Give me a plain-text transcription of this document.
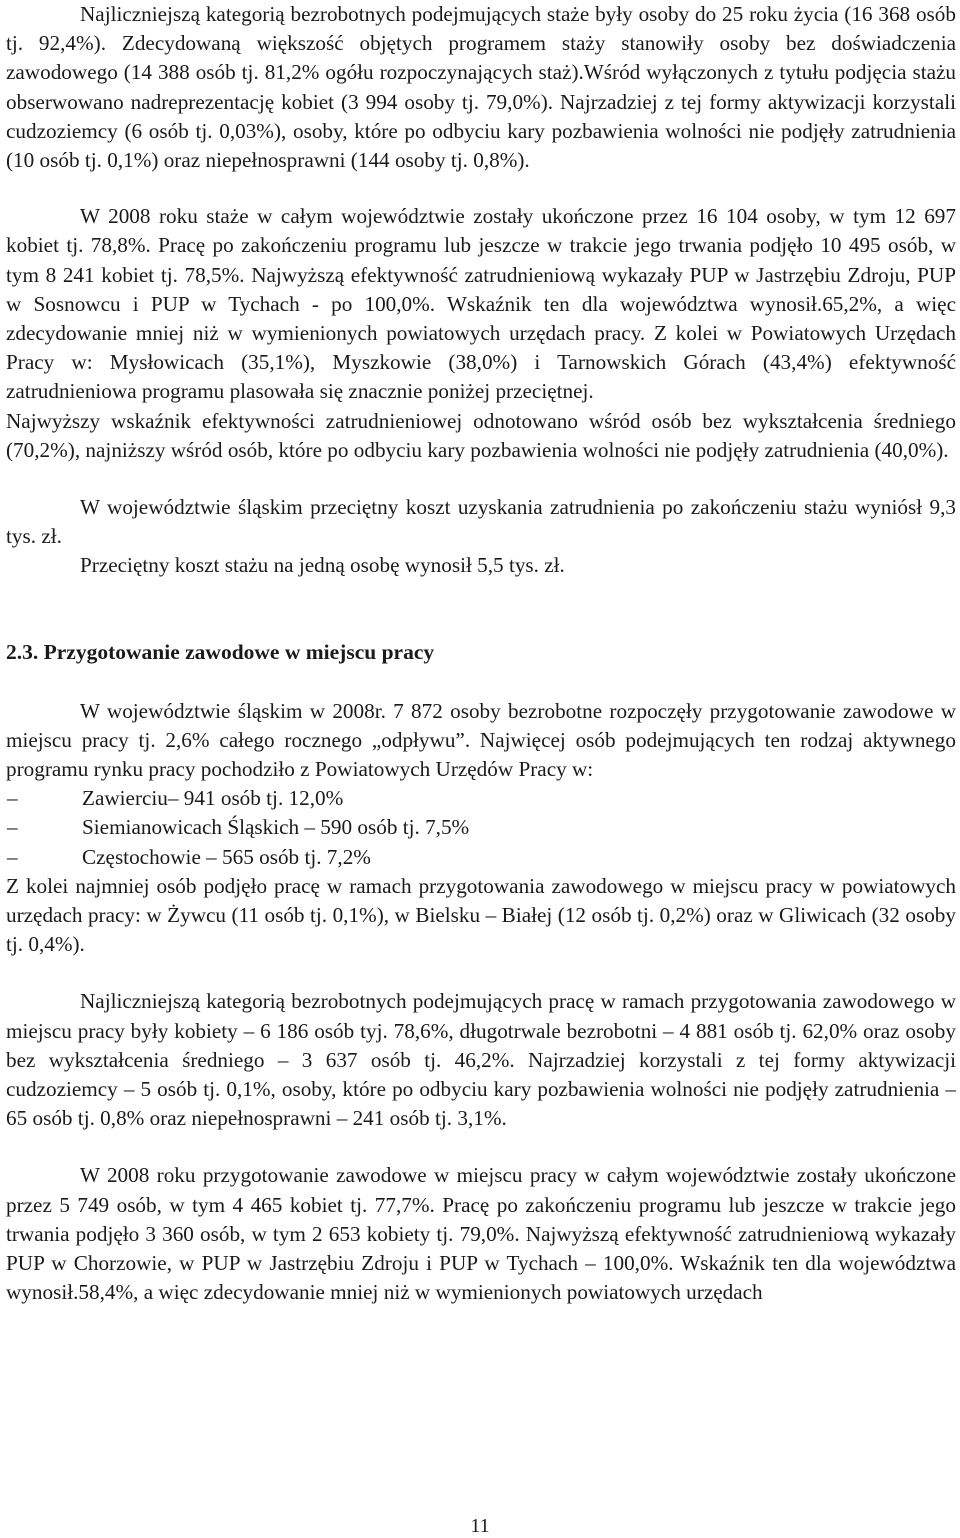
Najliczniejszą kategorią bezrobotnych podejmujących staże były osoby do 25 roku życia (16 368 osób tj. 92,4%). Zdecydowaną większość objętych programem staży stanowiły osoby bez doświadczenia zawodowego (14 388 osób tj. 81,2% ogółu rozpoczynających staż).Wśród wyłączonych z tytułu podjęcia stażu obserwowano nadreprezentację kobiet (3 994 osoby tj. 79,0%). Najrzadziej z tej formy aktywizacji korzystali cudzoziemcy (6 osób tj. 0,03%), osoby, które po odbyciu kary pozbawienia wolności nie podjęły zatrudnienia (10 osób tj. 0,1%) oraz niepełnosprawni (144 osoby tj. 0,8%).

W 2008 roku staże w całym województwie zostały ukończone przez 16 104 osoby, w tym 12 697 kobiet tj. 78,8%. Pracę po zakończeniu programu lub jeszcze w trakcie jego trwania podjęło 10 495 osób, w tym 8 241 kobiet tj. 78,5%. Najwyższą efektywność zatrudnieniową wykazały PUP w Jastrzębiu Zdroju, PUP w Sosnowcu i PUP w Tychach - po 100,0%. Wskaźnik ten dla województwa wynosił.65,2%, a więc zdecydowanie mniej niż w wymienionych powiatowych urzędach pracy. Z kolei w Powiatowych Urzędach Pracy w: Mysłowicach (35,1%), Myszkowie (38,0%) i Tarnowskich Górach (43,4%) efektywność zatrudnieniowa programu plasowała się znacznie poniżej przeciętnej.

Najwyższy wskaźnik efektywności zatrudnieniowej odnotowano wśród osób bez wykształcenia średniego (70,2%), najniższy wśród osób, które po odbyciu kary pozbawienia wolności nie podjęły zatrudnienia (40,0%).

W województwie śląskim przeciętny koszt uzyskania zatrudnienia po zakończeniu stażu wyniósł 9,3 tys. zł.

Przeciętny koszt stażu na jedną osobę wynosił 5,5 tys. zł.

2.3. Przygotowanie zawodowe w miejscu pracy

W województwie śląskim w 2008r. 7 872 osoby bezrobotne rozpoczęły przygotowanie zawodowe w miejscu pracy tj. 2,6% całego rocznego „odpływu”. Najwięcej osób podejmujących ten rodzaj aktywnego programu rynku pracy pochodziło z Powiatowych Urzędów Pracy w:

–	Zawierciu– 941 osób tj. 12,0%
–	Siemianowicach Śląskich – 590 osób tj. 7,5%
–	Częstochowie – 565 osób tj. 7,2%

Z kolei najmniej osób podjęło pracę w ramach przygotowania zawodowego w miejscu pracy w powiatowych urzędach pracy: w Żywcu (11 osób tj. 0,1%), w Bielsku – Białej (12 osób tj. 0,2%) oraz w Gliwicach (32 osoby tj. 0,4%).

Najliczniejszą kategorią bezrobotnych podejmujących pracę w ramach przygotowania zawodowego w miejscu pracy były kobiety – 6 186 osób tyj. 78,6%, długotrwale bezrobotni – 4 881 osób tj. 62,0% oraz osoby bez wykształcenia średniego – 3 637 osób tj. 46,2%. Najrzadziej korzystali z tej formy aktywizacji cudzoziemcy – 5 osób tj. 0,1%, osoby, które po odbyciu kary pozbawienia wolności nie podjęły zatrudnienia – 65 osób tj. 0,8% oraz niepełnosprawni – 241 osób tj. 3,1%.

W 2008 roku przygotowanie zawodowe w miejscu pracy w całym województwie zostały ukończone przez 5 749 osób, w tym 4 465 kobiet tj. 77,7%. Pracę po zakończeniu programu lub jeszcze w trakcie jego trwania podjęło 3 360 osób, w tym 2 653 kobiety tj. 79,0%. Najwyższą efektywność zatrudnieniową wykazały PUP w Chorzowie, w PUP w Jastrzębiu Zdroju i PUP w Tychach – 100,0%. Wskaźnik ten dla województwa wynosił.58,4%, a więc zdecydowanie mniej niż w wymienionych powiatowych urzędach

11
